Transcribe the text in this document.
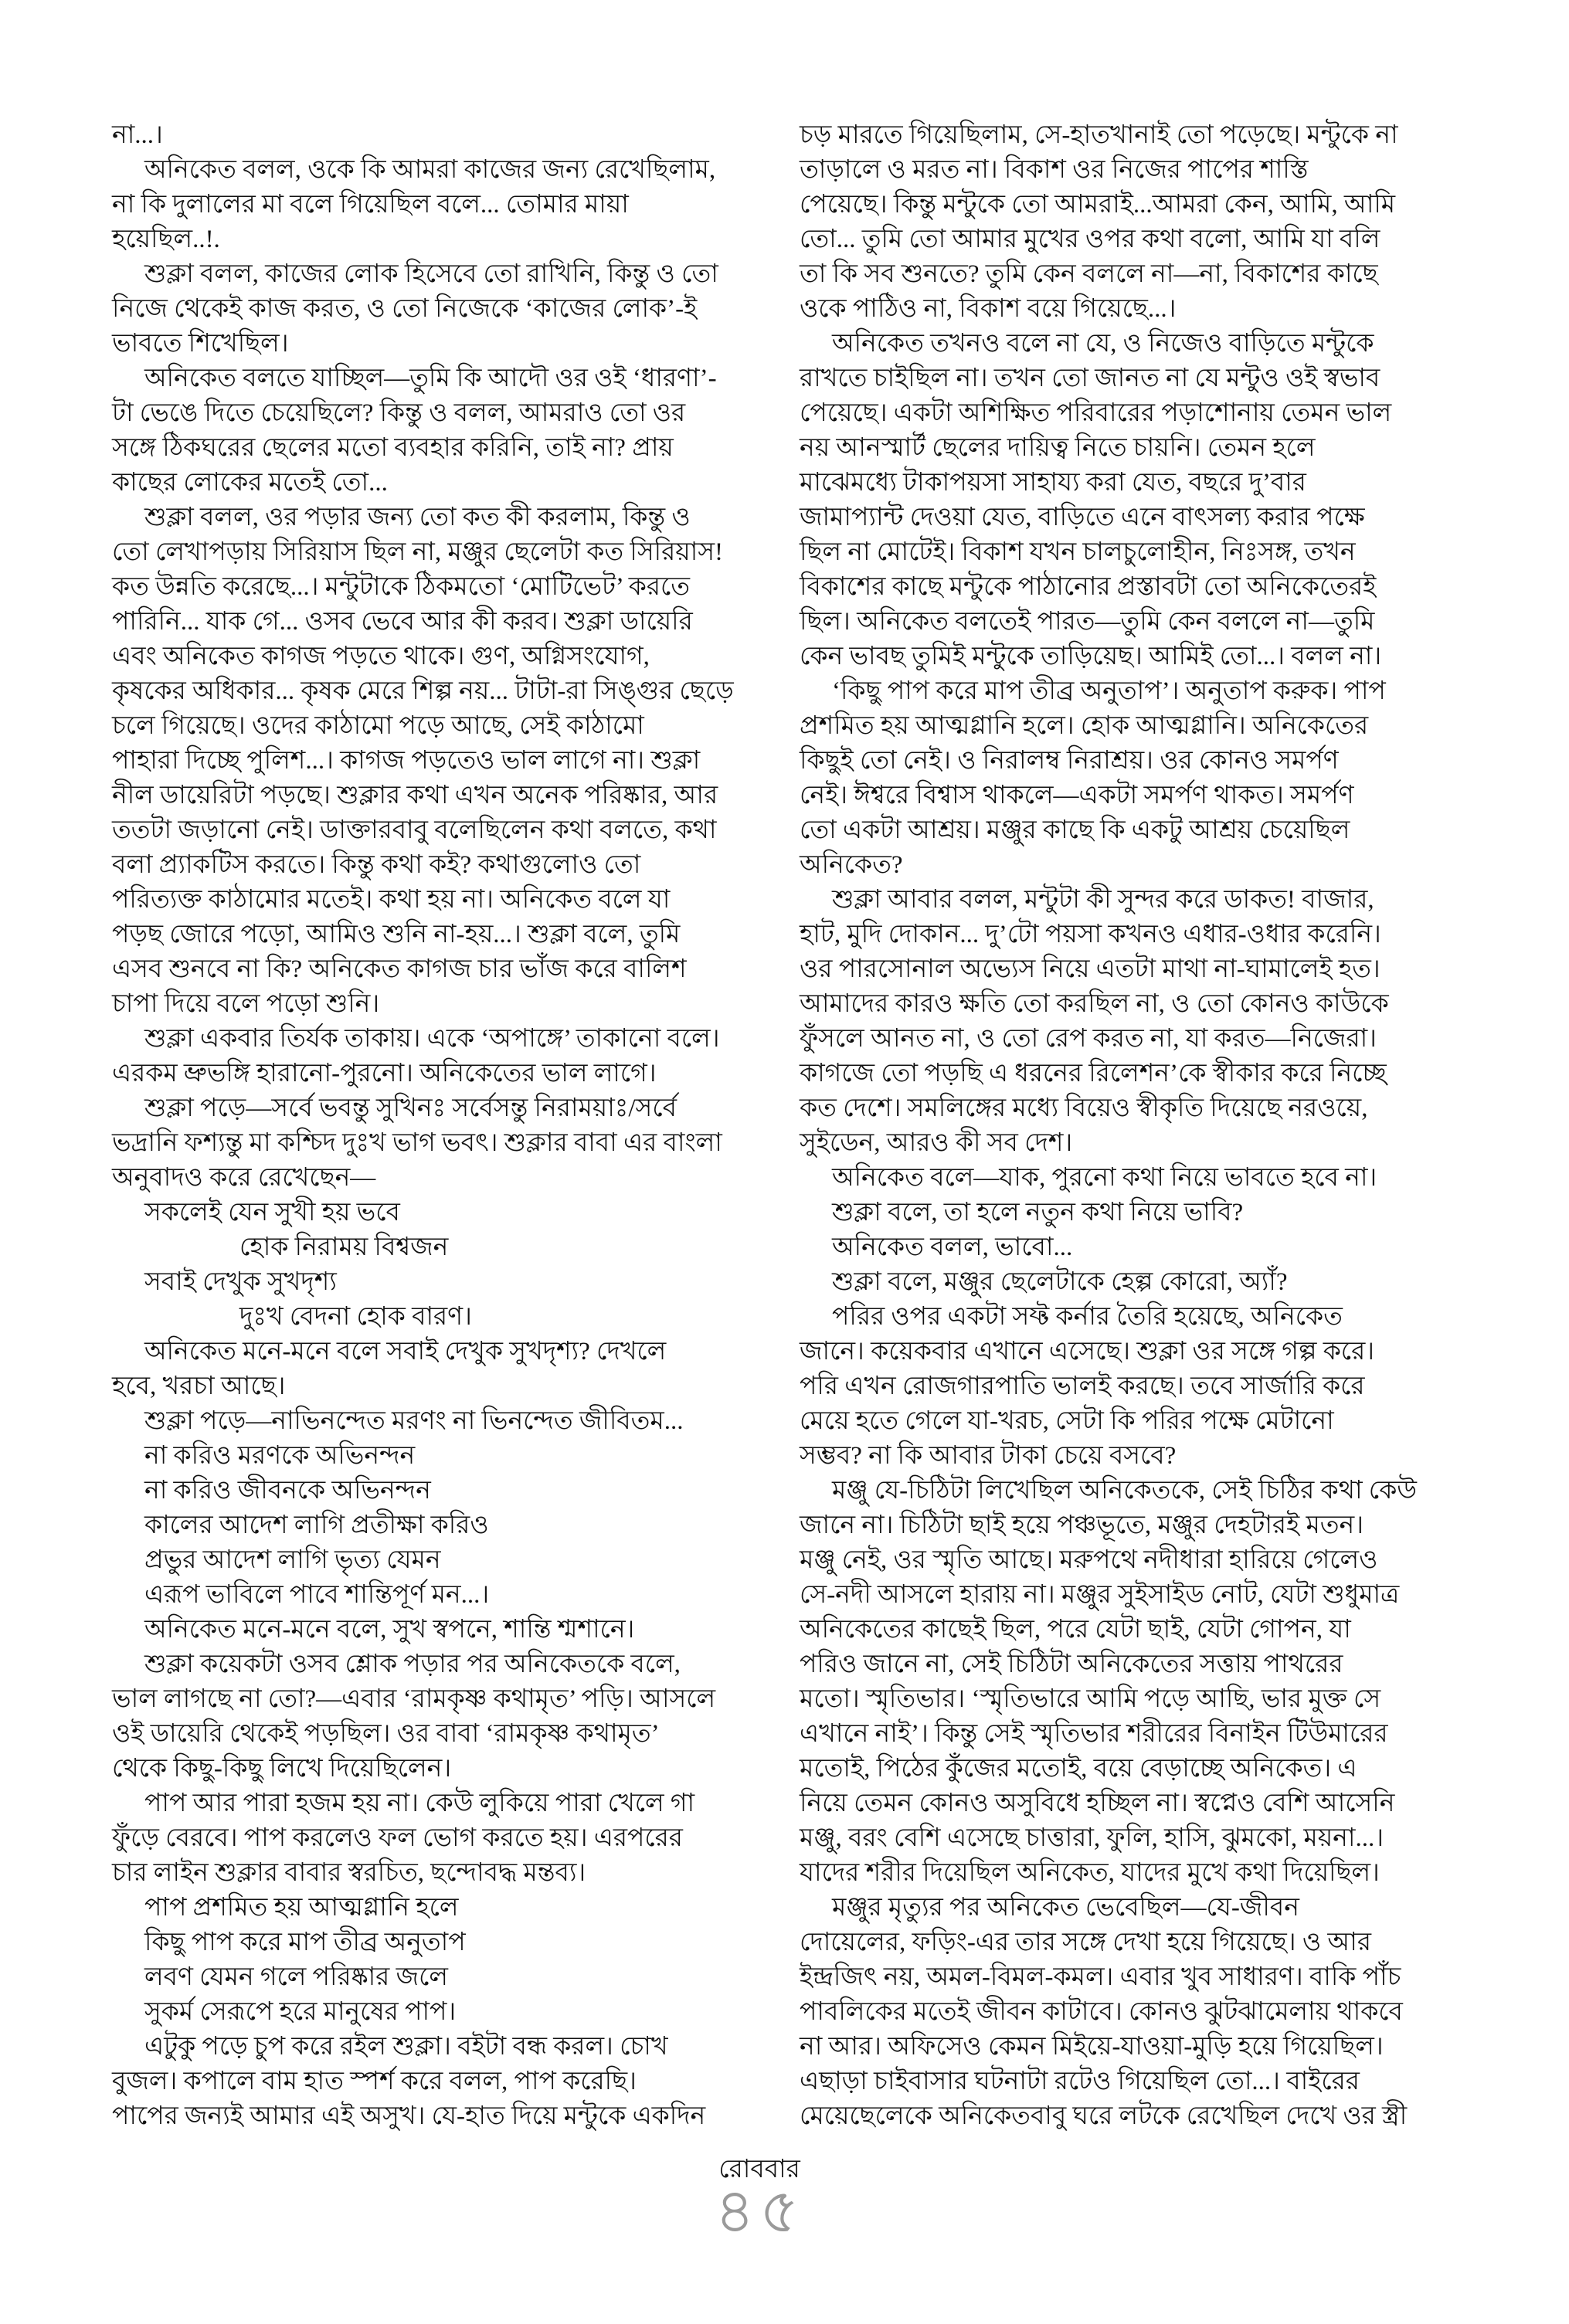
না...।
অনিকেত বলল, ওকে কি আমরা কাজের জন্য রেখেছিলাম,
না কি দুলালের মা বলে গিয়েছিল বলে... তোমার মায়া
হয়েছিল..!.
শুক্লা বলল, কাজের লোক হিসেবে তো রাখিনি, কিন্তু ও তো
নিজে থেকেই কাজ করত, ও তো নিজেকে ‘কাজের লোক’-ই
ভাবতে শিখেছিল।
অনিকেত বলতে যাচ্ছিল—তুমি কি আদৌ ওর ওই ‘ধারণা’-
টা ভেঙে দিতে চেয়েছিলে? কিন্তু ও বলল, আমরাও তো ওর
সঙ্গে ঠিকঘরের ছেলের মতো ব্যবহার করিনি, তাই না? প্রায়
কাছের লোকের মতেই তো...
শুক্লা বলল, ওর পড়ার জন্য তো কত কী করলাম, কিন্তু ও
তো লেখাপড়ায় সিরিয়াস ছিল না, মঞ্জুর ছেলেটা কত সিরিয়াস!
কত উন্নতি করেছে...। মন্টুটাকে ঠিকমতো ‘মোটিভেট’ করতে
পারিনি... যাক গে... ওসব ভেবে আর কী করব। শুক্লা ডায়েরি
এবং অনিকেত কাগজ পড়তে থাকে। গুণ, অগ্নিসংযোগ,
কৃষকের অধিকার... কৃষক মেরে শিল্প নয়... টাটা-রা সিঙ্গুর ছেড়ে
চলে গিয়েছে। ওদের কাঠামো পড়ে আছে, সেই কাঠামো
পাহারা দিচ্ছে পুলিশ...। কাগজ পড়তেও ভাল লাগে না। শুক্লা
নীল ডায়েরিটা পড়ছে। শুক্লার কথা এখন অনেক পরিষ্কার, আর
ততটা জড়ানো নেই। ডাক্তারবাবু বলেছিলেন কথা বলতে, কথা
বলা প্র্যাকটিস করতে। কিন্তু কথা কই? কথাগুলোও তো
পরিত্যক্ত কাঠামোর মতেই। কথা হয় না। অনিকেত বলে যা
পড়ছ জোরে পড়ো, আমিও শুনি না-হয়...। শুক্লা বলে, তুমি
এসব শুনবে না কি? অনিকেত কাগজ চার ভাঁজ করে বালিশ
চাপা দিয়ে বলে পড়ো শুনি।
শুক্লা একবার তির্যক তাকায়। একে ‘অপাঙ্গে’ তাকানো বলে।
এরকম ভ্রুভঙ্গি হারানো-পুরনো। অনিকেতের ভাল লাগে।
শুক্লা পড়ে—সর্বে ভবন্তু সুখিনঃ সর্বেসন্তু নিরাময়াঃ/সর্বে
ভদ্রানি ফশ্যন্তু মা কশ্চিদ দুঃখ ভাগ ভবৎ। শুক্লার বাবা এর বাংলা
অনুবাদও করে রেখেছেন—
সকলেই যেন সুখী হয় ভবে
হোক নিরাময় বিশ্বজন
সবাই দেখুক সুখদৃশ্য
দুঃখ বেদনা হোক বারণ।
অনিকেত মনে-মনে বলে সবাই দেখুক সুখদৃশ্য? দেখলে
হবে, খরচা আছে।
শুক্লা পড়ে—নাভিনন্দেত মরণং না ভিনন্দেত জীবিতম...
না করিও মরণকে অভিনন্দন
না করিও জীবনকে অভিনন্দন
কালের আদেশ লাগি প্রতীক্ষা করিও
প্রভুর আদেশ লাগি ভৃত্য যেমন
এরূপ ভাবিলে পাবে শান্তিপূর্ণ মন...।
অনিকেত মনে-মনে বলে, সুখ স্বপনে, শান্তি শ্মশানে।
শুক্লা কয়েকটা ওসব শ্লোক পড়ার পর অনিকেতকে বলে,
ভাল লাগছে না তো?—এবার ‘রামকৃষ্ণ কথামৃত’ পড়ি। আসলে
ওই ডায়েরি থেকেই পড়ছিল। ওর বাবা ‘রামকৃষ্ণ কথামৃত’
থেকে কিছু-কিছু লিখে দিয়েছিলেন।
পাপ আর পারা হজম হয় না। কেউ লুকিয়ে পারা খেলে গা
ফুঁড়ে বেরবে। পাপ করলেও ফল ভোগ করতে হয়। এরপরের
চার লাইন শুক্লার বাবার স্বরচিত, ছন্দোবদ্ধ মন্তব্য।
পাপ প্রশমিত হয় আত্মগ্লানি হলে
কিছু পাপ করে মাপ তীব্র অনুতাপ
লবণ যেমন গলে পরিষ্কার জলে
সুকর্ম সেরূপে হরে মানুষের পাপ।
এটুকু পড়ে চুপ করে রইল শুক্লা। বইটা বন্ধ করল। চোখ
বুজল। কপালে বাম হাত স্পর্শ করে বলল, পাপ করেছি।
পাপের জন্যই আমার এই অসুখ। যে-হাত দিয়ে মন্টুকে একদিন
চড় মারতে গিয়েছিলাম, সে-হাতখানাই তো পড়েছে। মন্টুকে না
তাড়ালে ও মরত না। বিকাশ ওর নিজের পাপের শাস্তি
পেয়েছে। কিন্তু মন্টুকে তো আমরাই...আমরা কেন, আমি, আমি
তো... তুমি তো আমার মুখের ওপর কথা বলো, আমি যা বলি
তা কি সব শুনতে? তুমি কেন বললে না—না, বিকাশের কাছে
ওকে পাঠিও না, বিকাশ বয়ে গিয়েছে...।
অনিকেত তখনও বলে না যে, ও নিজেও বাড়িতে মন্টুকে
রাখতে চাইছিল না। তখন তো জানত না যে মন্টুও ওই স্বভাব
পেয়েছে। একটা অশিক্ষিত পরিবারের পড়াশোনায় তেমন ভাল
নয় আনস্মার্ট ছেলের দায়িত্ব নিতে চায়নি। তেমন হলে
মাঝেমধ্যে টাকাপয়সা সাহায্য করা যেত, বছরে দু’বার
জামাপ্যান্ট দেওয়া যেত, বাড়িতে এনে বাৎসল্য করার পক্ষে
ছিল না মোটেই। বিকাশ যখন চালচুলোহীন, নিঃসঙ্গ, তখন
বিকাশের কাছে মন্টুকে পাঠানোর প্রস্তাবটা তো অনিকেতেরই
ছিল। অনিকেত বলতেই পারত—তুমি কেন বললে না—তুমি
কেন ভাবছ তুমিই মন্টুকে তাড়িয়েছ। আমিই তো...। বলল না।
‘কিছু পাপ করে মাপ তীব্র অনুতাপ’। অনুতাপ করুক। পাপ
প্রশমিত হয় আত্মগ্লানি হলে। হোক আত্মগ্লানি। অনিকেতের
কিছুই তো নেই। ও নিরালম্ব নিরাশ্রয়। ওর কোনও সমর্পণ
নেই। ঈশ্বরে বিশ্বাস থাকলে—একটা সমর্পণ থাকত। সমর্পণ
তো একটা আশ্রয়। মঞ্জুর কাছে কি একটু আশ্রয় চেয়েছিল
অনিকেত?
শুক্লা আবার বলল, মন্টুটা কী সুন্দর করে ডাকত! বাজার,
হাট, মুদি দোকান... দু’টো পয়সা কখনও এধার-ওধার করেনি।
ওর পারসোনাল অভ্যেস নিয়ে এতটা মাথা না-ঘামালেই হত।
আমাদের কারও ক্ষতি তো করছিল না, ও তো কোনও কাউকে
ফুঁসলে আনত না, ও তো রেপ করত না, যা করত—নিজেরা।
কাগজে তো পড়ছি এ ধরনের রিলেশন’কে স্বীকার করে নিচ্ছে
কত দেশে। সমলিঙ্গের মধ্যে বিয়েও স্বীকৃতি দিয়েছে নরওয়ে,
সুইডেন, আরও কী সব দেশ।
অনিকেত বলে—যাক, পুরনো কথা নিয়ে ভাবতে হবে না।
শুক্লা বলে, তা হলে নতুন কথা নিয়ে ভাবি?
অনিকেত বলল, ভাবো...
শুক্লা বলে, মঞ্জুর ছেলেটাকে হেল্প কোরো, অ্যাঁ?
পরির ওপর একটা সফ্ট কর্নার তৈরি হয়েছে, অনিকেত
জানে। কয়েকবার এখানে এসেছে। শুক্লা ওর সঙ্গে গল্প করে।
পরি এখন রোজগারপাতি ভালই করছে। তবে সার্জারি করে
মেয়ে হতে গেলে যা-খরচ, সেটা কি পরির পক্ষে মেটানো
সম্ভব? না কি আবার টাকা চেয়ে বসবে?
মঞ্জু যে-চিঠিটা লিখেছিল অনিকেতকে, সেই চিঠির কথা কেউ
জানে না। চিঠিটা ছাই হয়ে পঞ্চভূতে, মঞ্জুর দেহটারই মতন।
মঞ্জু নেই, ওর স্মৃতি আছে। মরুপথে নদীধারা হারিয়ে গেলেও
সে-নদী আসলে হারায় না। মঞ্জুর সুইসাইড নোট, যেটা শুধুমাত্র
অনিকেতের কাছেই ছিল, পরে যেটা ছাই, যেটা গোপন, যা
পরিও জানে না, সেই চিঠিটা অনিকেতের সত্তায় পাথরের
মতো। স্মৃতিভার। ‘স্মৃতিভারে আমি পড়ে আছি, ভার মুক্ত সে
এখানে নাই’। কিন্তু সেই স্মৃতিভার শরীরের বিনাইন টিউমারের
মতোই, পিঠের কুঁজের মতোই, বয়ে বেড়াচ্ছে অনিকেত। এ
নিয়ে তেমন কোনও অসুবিধে হচ্ছিল না। স্বপ্নেও বেশি আসেনি
মঞ্জু, বরং বেশি এসেছে চাত্তারা, ফুলি, হাসি, ঝুমকো, ময়না...।
যাদের শরীর দিয়েছিল অনিকেত, যাদের মুখে কথা দিয়েছিল।
মঞ্জুর মৃত্যুর পর অনিকেত ভেবেছিল—যে-জীবন
দোয়েলের, ফড়িং-এর তার সঙ্গে দেখা হয়ে গিয়েছে। ও আর
ইন্দ্রজিৎ নয়, অমল-বিমল-কমল। এবার খুব সাধারণ। বাকি পাঁচ
পাবলিকের মতেই জীবন কাটাবে। কোনও ঝুটঝামেলায় থাকবে
না আর। অফিসেও কেমন মিইয়ে-যাওয়া-মুড়ি হয়ে গিয়েছিল।
এছাড়া চাইবাসার ঘটনাটা রটেও গিয়েছিল তো...। বাইরের
মেয়েছেলেকে অনিকেতবাবু ঘরে লটকে রেখেছিল দেখে ওর স্ত্রী
রোববার
৪৫
